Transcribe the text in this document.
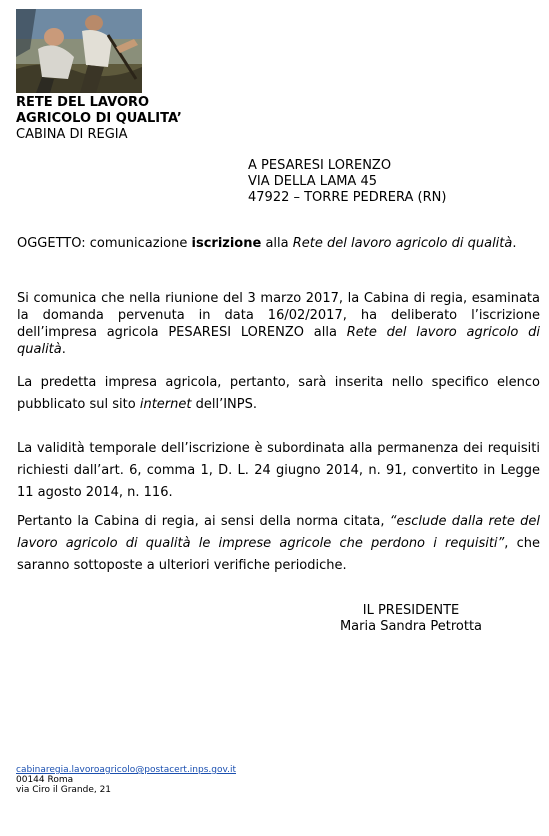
RETE DEL LAVORO
AGRICOLO DI QUALITA’
CABINA DI REGIA
A PESARESI LORENZO
VIA DELLA LAMA 45
47922 – TORRE PEDRERA (RN)
OGGETTO: comunicazione iscrizione alla Rete del lavoro agricolo di qualità.
Si comunica che nella riunione del 3 marzo 2017, la Cabina di regia, esaminata la domanda pervenuta in data 16/02/2017, ha deliberato l’iscrizione dell’impresa agricola PESARESI LORENZO alla Rete del lavoro agricolo di qualità.
La predetta impresa agricola, pertanto, sarà inserita nello specifico elenco pubblicato sul sito internet dell’INPS.
La validità temporale dell’iscrizione è subordinata alla permanenza dei requisiti richiesti dall’art. 6, comma 1, D. L. 24 giugno 2014, n. 91, convertito in Legge 11 agosto 2014, n. 116.
Pertanto la Cabina di regia, ai sensi della norma citata, “esclude dalla rete del lavoro agricolo di qualità le imprese agricole che perdono i requisiti”, che saranno sottoposte a ulteriori verifiche periodiche.
IL PRESIDENTE
Maria Sandra Petrotta
cabinaregia.lavoroagricolo@postacert.inps.gov.it
00144 Roma
via Ciro il Grande, 21
